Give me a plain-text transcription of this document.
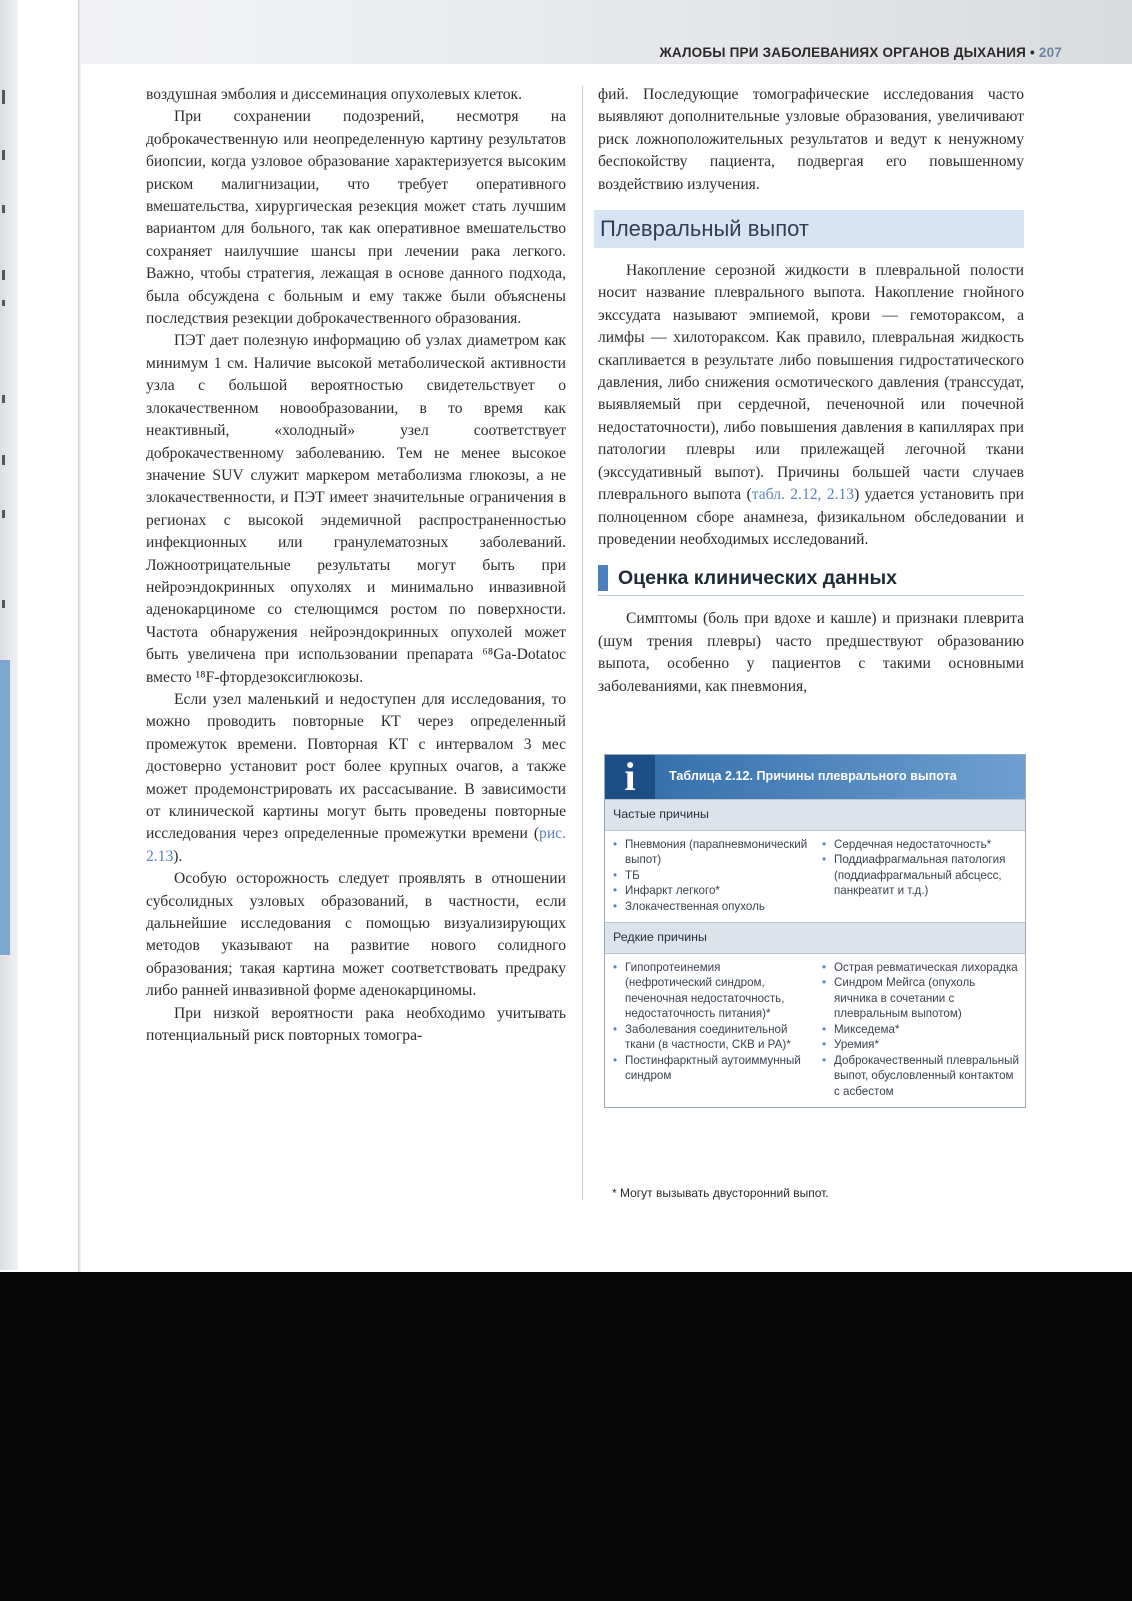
ЖАЛОБЫ ПРИ ЗАБОЛЕВАНИЯХ ОРГАНОВ ДЫХАНИЯ • 207

воздушная эмболия и диссеминация опухолевых клеток.

При сохранении подозрений, несмотря на доброкачественную или неопределенную картину результатов биопсии, когда узловое образование характеризуется высоким риском малигнизации, что требует оперативного вмешательства, хирургическая резекция может стать лучшим вариантом для больного, так как оперативное вмешательство сохраняет наилучшие шансы при лечении рака легкого. Важно, чтобы стратегия, лежащая в основе данного подхода, была обсуждена с больным и ему также были объяснены последствия резекции доброкачественного образования.

ПЭТ дает полезную информацию об узлах диаметром как минимум 1 см. Наличие высокой метаболической активности узла с большой вероятностью свидетельствует о злокачественном новообразовании, в то время как неактивный, «холодный» узел соответствует доброкачественному заболеванию. Тем не менее высокое значение SUV служит маркером метаболизма глюкозы, а не злокачественности, и ПЭТ имеет значительные ограничения в регионах с высокой эндемичной распространенностью инфекционных или гранулематозных заболеваний. Ложноотрицательные результаты могут быть при нейроэндокринных опухолях и минимально инвазивной аденокарциноме со стелющимся ростом по поверхности. Частота обнаружения нейроэндокринных опухолей может быть увеличена при использовании препарата ⁶⁸Ga-Dotatoc вместо ¹⁸F-фтордезоксиглюкозы.

Если узел маленький и недоступен для исследования, то можно проводить повторные КТ через определенный промежуток времени. Повторная КТ с интервалом 3 мес достоверно установит рост более крупных очагов, а также может продемонстрировать их рассасывание. В зависимости от клинической картины могут быть проведены повторные исследования через определенные промежутки времени (рис. 2.13).

Особую осторожность следует проявлять в отношении субсолидных узловых образований, в частности, если дальнейшие исследования с помощью визуализирующих методов указывают на развитие нового солидного образования; такая картина может соответствовать предраку либо ранней инвазивной форме аденокарциномы.

При низкой вероятности рака необходимо учитывать потенциальный риск повторных томогра-

фий. Последующие томографические исследования часто выявляют дополнительные узловые образования, увеличивают риск ложноположительных результатов и ведут к ненужному беспокойству пациента, подвергая его повышенному воздействию излучения.

Плевральный выпот

Накопление серозной жидкости в плевральной полости носит название плеврального выпота. Накопление гнойного экссудата называют эмпиемой, крови — гемотораксом, а лимфы — хилотораксом. Как правило, плевральная жидкость скапливается в результате либо повышения гидростатического давления, либо снижения осмотического давления (транссудат, выявляемый при сердечной, печеночной или почечной недостаточности), либо повышения давления в капиллярах при патологии плевры или прилежащей легочной ткани (экссудативный выпот). Причины большей части случаев плеврального выпота (табл. 2.12, 2.13) удается установить при полноценном сборе анамнеза, физикальном обследовании и проведении необходимых исследований.

Оценка клинических данных

Симптомы (боль при вдохе и кашле) и признаки плеврита (шум трения плевры) часто предшествуют образованию выпота, особенно у пациентов с такими основными заболеваниями, как пневмония,

i	Таблица 2.12. Причины плеврального выпота
Частые причины
• Пневмония (парапневмонический выпот)
• ТБ
• Инфаркт легкого*
• Злокачественная опухоль
• Сердечная недостаточность*
• Поддиафрагмальная патология (поддиафрагмальный абсцесс, панкреатит и т.д.)
Редкие причины
• Гипопротеинемия (нефротический синдром, печеночная недостаточность, недостаточность питания)*
• Заболевания соединительной ткани (в частности, СКВ и РА)*
• Постинфарктный аутоиммунный синдром
• Острая ревматическая лихорадка
• Синдром Мейгса (опухоль яичника в сочетании с плевральным выпотом)
• Микседема*
• Уремия*
• Доброкачественный плевральный выпот, обусловленный контактом с асбестом
* Могут вызывать двусторонний выпот.
